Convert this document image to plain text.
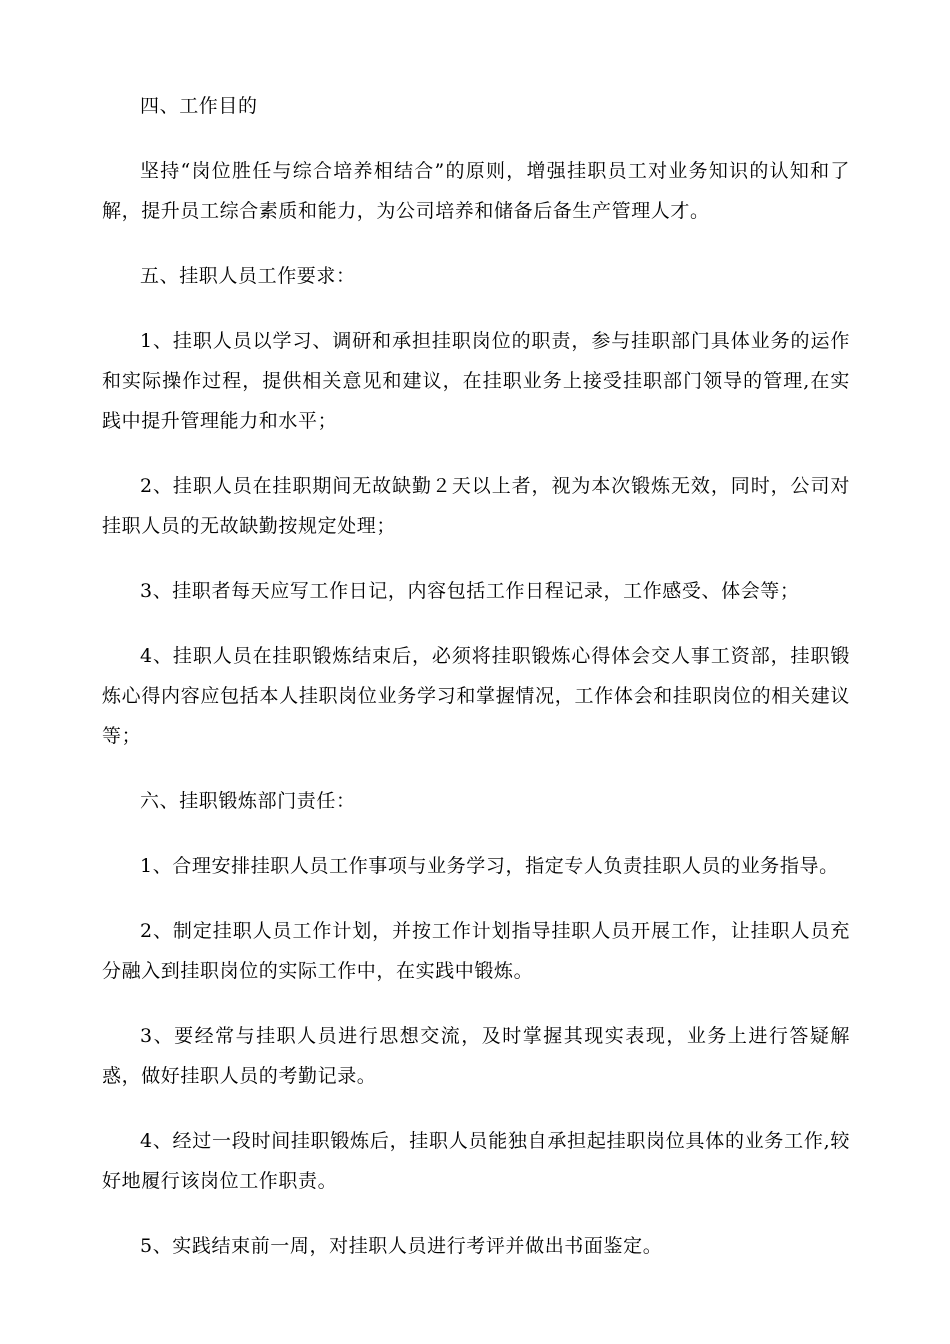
四、工作目的

坚持“岗位胜任与综合培养相结合”的原则，增强挂职员工对业务知识的认知和了解，提升员工综合素质和能力，为公司培养和储备后备生产管理人才。

五、挂职人员工作要求：

1、挂职人员以学习、调研和承担挂职岗位的职责，参与挂职部门具体业务的运作和实际操作过程，提供相关意见和建议，在挂职业务上接受挂职部门领导的管理,在实践中提升管理能力和水平；

2、挂职人员在挂职期间无故缺勤２天以上者，视为本次锻炼无效，同时，公司对挂职人员的无故缺勤按规定处理；

3、挂职者每天应写工作日记，内容包括工作日程记录，工作感受、体会等；

4、挂职人员在挂职锻炼结束后，必须将挂职锻炼心得体会交人事工资部，挂职锻炼心得内容应包括本人挂职岗位业务学习和掌握情况，工作体会和挂职岗位的相关建议等；

六、挂职锻炼部门责任：

1、合理安排挂职人员工作事项与业务学习，指定专人负责挂职人员的业务指导。

2、制定挂职人员工作计划，并按工作计划指导挂职人员开展工作，让挂职人员充分融入到挂职岗位的实际工作中，在实践中锻炼。

3、要经常与挂职人员进行思想交流，及时掌握其现实表现，业务上进行答疑解惑，做好挂职人员的考勤记录。

4、经过一段时间挂职锻炼后，挂职人员能独自承担起挂职岗位具体的业务工作,较好地履行该岗位工作职责。

5、实践结束前一周，对挂职人员进行考评并做出书面鉴定。
